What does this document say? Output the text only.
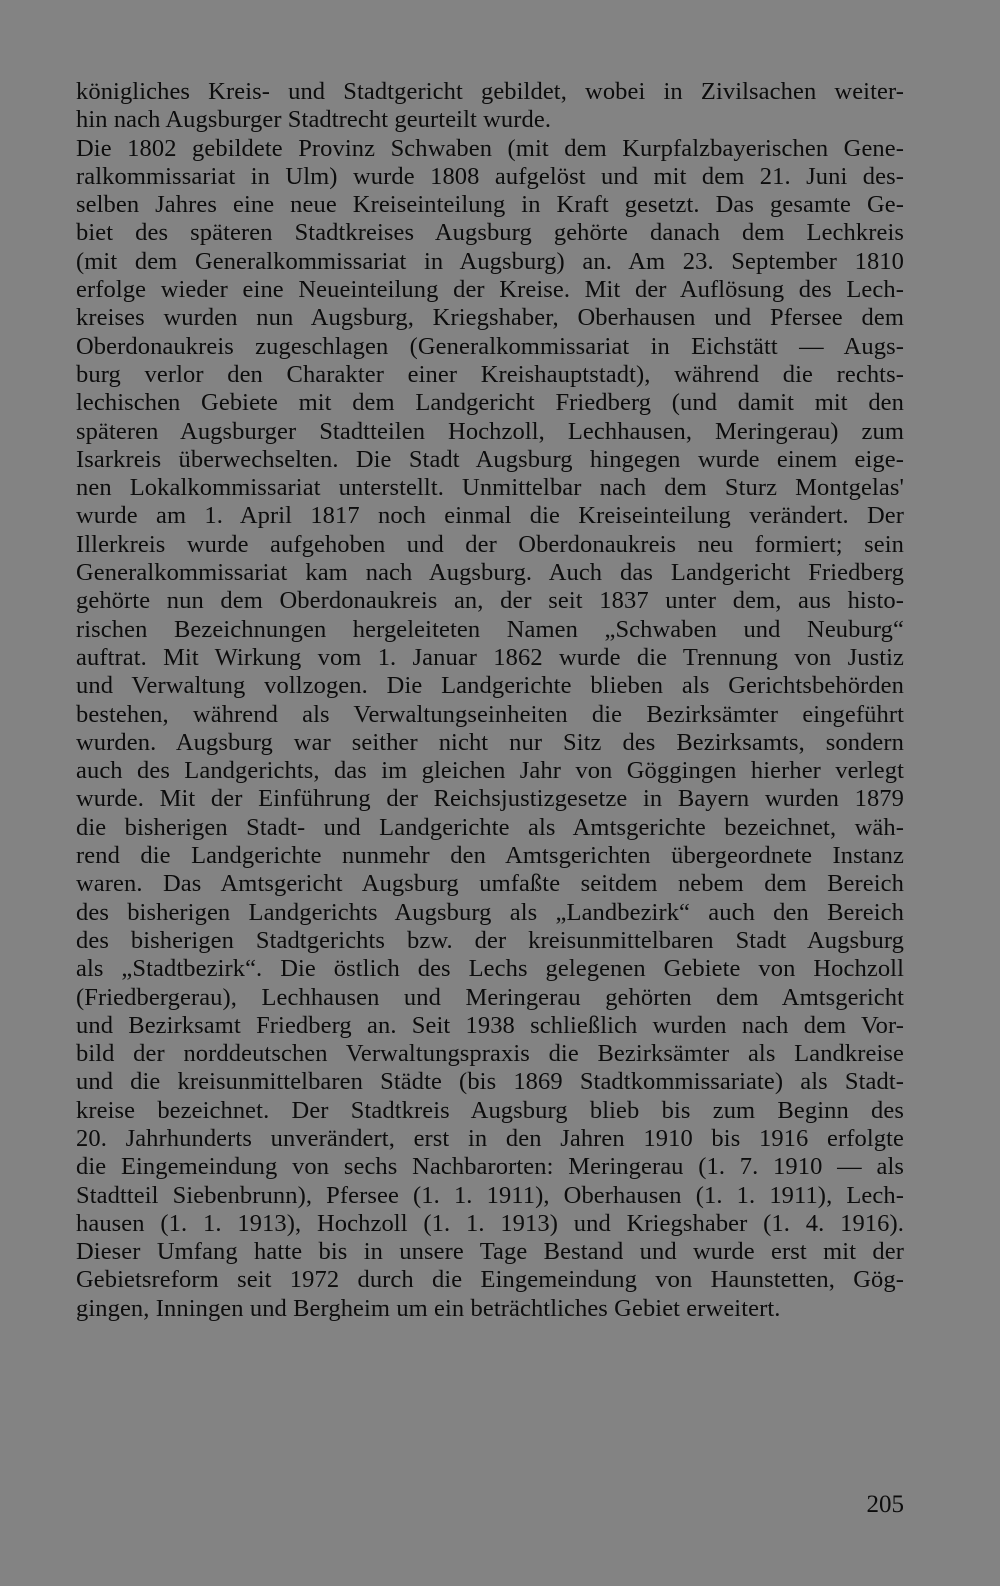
königliches Kreis- und Stadtgericht gebildet, wobei in Zivilsachen weiter-
hin nach Augsburger Stadtrecht geurteilt wurde.
Die 1802 gebildete Provinz Schwaben (mit dem Kurpfalzbayerischen Gene-
ralkommissariat in Ulm) wurde 1808 aufgelöst und mit dem 21. Juni des-
selben Jahres eine neue Kreiseinteilung in Kraft gesetzt. Das gesamte Ge-
biet des späteren Stadtkreises Augsburg gehörte danach dem Lechkreis
(mit dem Generalkommissariat in Augsburg) an. Am 23. September 1810
erfolge wieder eine Neueinteilung der Kreise. Mit der Auflösung des Lech-
kreises wurden nun Augsburg, Kriegshaber, Oberhausen und Pfersee dem
Oberdonaukreis zugeschlagen (Generalkommissariat in Eichstätt — Augs-
burg verlor den Charakter einer Kreishauptstadt), während die rechts-
lechischen Gebiete mit dem Landgericht Friedberg (und damit mit den
späteren Augsburger Stadtteilen Hochzoll, Lechhausen, Meringerau) zum
Isarkreis überwechselten. Die Stadt Augsburg hingegen wurde einem eige-
nen Lokalkommissariat unterstellt. Unmittelbar nach dem Sturz Montgelas'
wurde am 1. April 1817 noch einmal die Kreiseinteilung verändert. Der
Illerkreis wurde aufgehoben und der Oberdonaukreis neu formiert; sein
Generalkommissariat kam nach Augsburg. Auch das Landgericht Friedberg
gehörte nun dem Oberdonaukreis an, der seit 1837 unter dem, aus histo-
rischen Bezeichnungen hergeleiteten Namen „Schwaben und Neuburg“
auftrat. Mit Wirkung vom 1. Januar 1862 wurde die Trennung von Justiz
und Verwaltung vollzogen. Die Landgerichte blieben als Gerichtsbehörden
bestehen, während als Verwaltungseinheiten die Bezirksämter eingeführt
wurden. Augsburg war seither nicht nur Sitz des Bezirksamts, sondern
auch des Landgerichts, das im gleichen Jahr von Göggingen hierher verlegt
wurde. Mit der Einführung der Reichsjustizgesetze in Bayern wurden 1879
die bisherigen Stadt- und Landgerichte als Amtsgerichte bezeichnet, wäh-
rend die Landgerichte nunmehr den Amtsgerichten übergeordnete Instanz
waren. Das Amtsgericht Augsburg umfaßte seitdem nebem dem Bereich
des bisherigen Landgerichts Augsburg als „Landbezirk“ auch den Bereich
des bisherigen Stadtgerichts bzw. der kreisunmittelbaren Stadt Augsburg
als „Stadtbezirk“. Die östlich des Lechs gelegenen Gebiete von Hochzoll
(Friedbergerau), Lechhausen und Meringerau gehörten dem Amtsgericht
und Bezirksamt Friedberg an. Seit 1938 schließlich wurden nach dem Vor-
bild der norddeutschen Verwaltungspraxis die Bezirksämter als Landkreise
und die kreisunmittelbaren Städte (bis 1869 Stadtkommissariate) als Stadt-
kreise bezeichnet. Der Stadtkreis Augsburg blieb bis zum Beginn des
20. Jahrhunderts unverändert, erst in den Jahren 1910 bis 1916 erfolgte
die Eingemeindung von sechs Nachbarorten: Meringerau (1. 7. 1910 — als
Stadtteil Siebenbrunn), Pfersee (1. 1. 1911), Oberhausen (1. 1. 1911), Lech-
hausen (1. 1. 1913), Hochzoll (1. 1. 1913) und Kriegshaber (1. 4. 1916).
Dieser Umfang hatte bis in unsere Tage Bestand und wurde erst mit der
Gebietsreform seit 1972 durch die Eingemeindung von Haunstetten, Gög-
gingen, Inningen und Bergheim um ein beträchtliches Gebiet erweitert.
205
